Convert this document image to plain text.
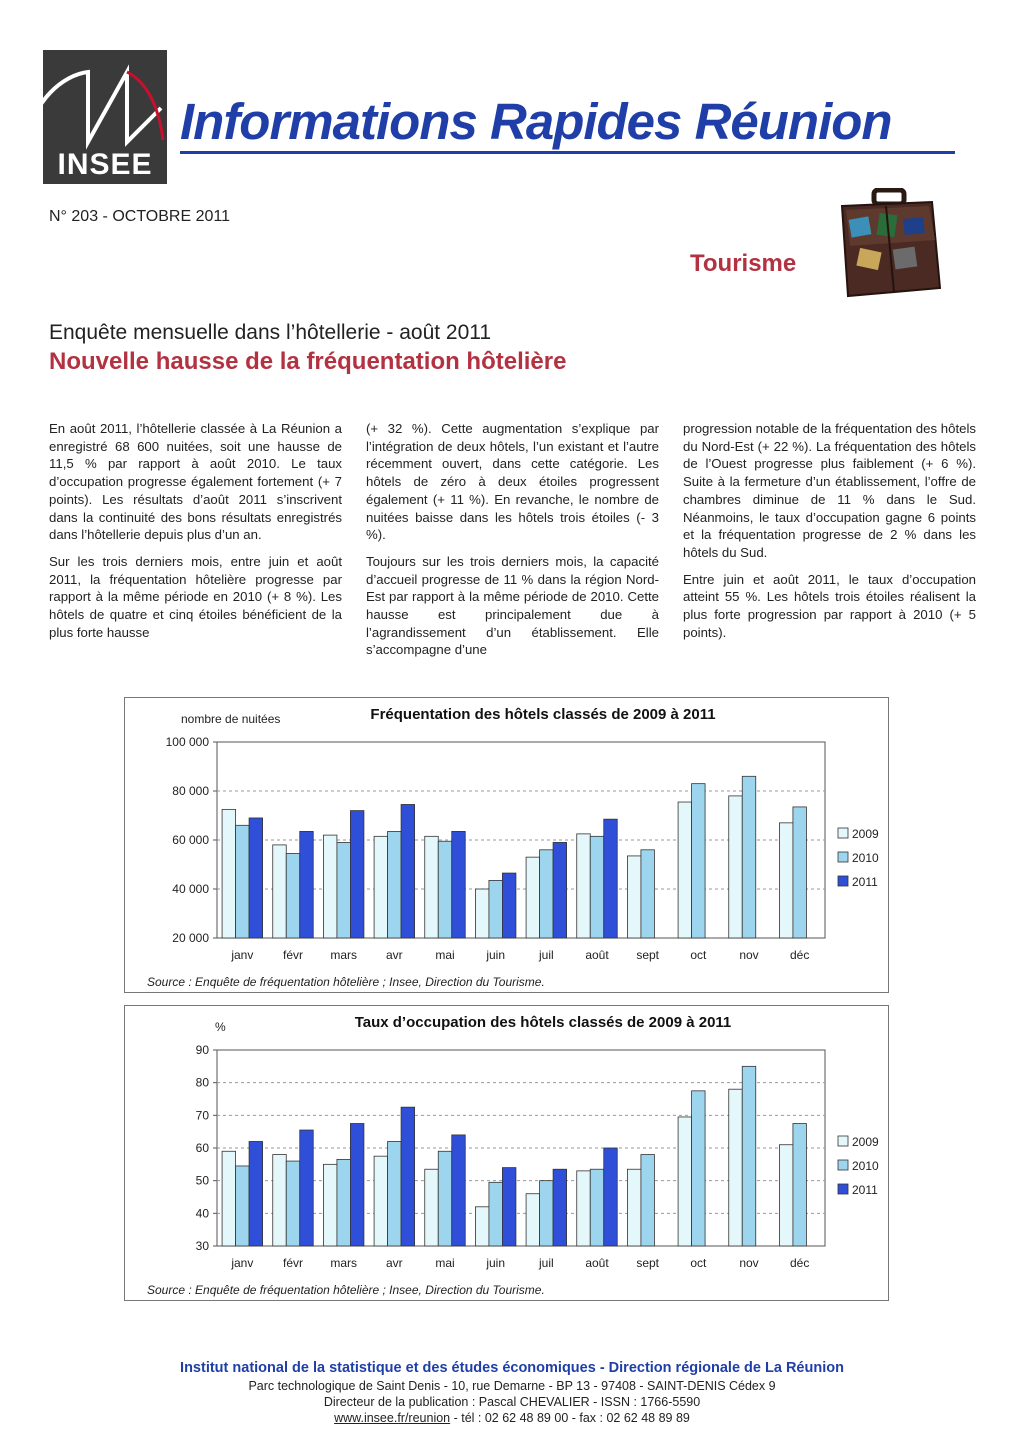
INSEE
Informations Rapides Réunion
N° 203 - OCTOBRE 2011
Tourisme
Enquête mensuelle dans l’hôtellerie - août 2011
Nouvelle hausse de la fréquentation hôtelière

En août 2011, l’hôtellerie classée à La Réunion a enregistré 68 600 nuitées, soit une hausse de 11,5 % par rapport à août 2010. Le taux d’occupation progresse également fortement (+ 7 points). Les résultats d’août 2011 s’inscrivent dans la continuité des bons résultats enregistrés dans l’hôtellerie depuis plus d’un an.

Sur les trois derniers mois, entre juin et août 2011, la fréquentation hôtelière progresse par rapport à la même période en 2010 (+ 8 %). Les hôtels de quatre et cinq étoiles bénéficient de la plus forte hausse

(+ 32 %). Cette augmentation s’explique par l’intégration de deux hôtels, l’un existant et l’autre récemment ouvert, dans cette catégorie. Les hôtels de zéro à deux étoiles progressent également (+ 11 %). En revanche, le nombre de nuitées baisse dans les hôtels trois étoiles (- 3 %).

Toujours sur les trois derniers mois, la capacité d’accueil progresse de 11 % dans la région Nord-Est par rapport à la même période de 2010. Cette hausse est principalement due à l’agrandissement d’un établissement. Elle s’accompagne d’une

progression notable de la fréquentation des hôtels du Nord-Est (+ 22 %). La fréquentation des hôtels de l’Ouest progresse plus faiblement (+ 6 %). Suite à la fermeture d’un établissement, l’offre de chambres diminue de 11 % dans le Sud. Néanmoins, le taux d’occupation gagne 6 points et la fréquentation progresse de 2 % dans les hôtels du Sud.

Entre juin et août 2011, le taux d’occupation atteint 55 %. Les hôtels trois étoiles réalisent la plus forte progression par rapport à 2010 (+ 5 points).

Fréquentation des hôtels classés de 2009 à 2011
nombre de nuitées
20 000
40 000
60 000
80 000
100 000
janv févr mars avr	mai	juin	juil	août sept	oct	nov	déc
2009
2010
2011
Source : Enquête de fréquentation hôtelière ; Insee, Direction du Tourisme.
Taux d’occupation des hôtels classés de 2009 à 2011
%
30
40
50
60
70
80
90
janv févr mars avr	mai	juin	juil	août sept	oct	nov	déc
2009
2010
2011
Source : Enquête de fréquentation hôtelière ; Insee, Direction du Tourisme.
Institut national de la statistique et des études économiques - Direction régionale de La Réunion
Parc technologique de Saint Denis - 10, rue Demarne - BP 13 - 97408 - SAINT-DENIS Cédex 9
Directeur de la publication : Pascal CHEVALIER - ISSN : 1766-5590
www.insee.fr/reunion - tél : 02 62 48 89 00 - fax : 02 62 48 89 89
